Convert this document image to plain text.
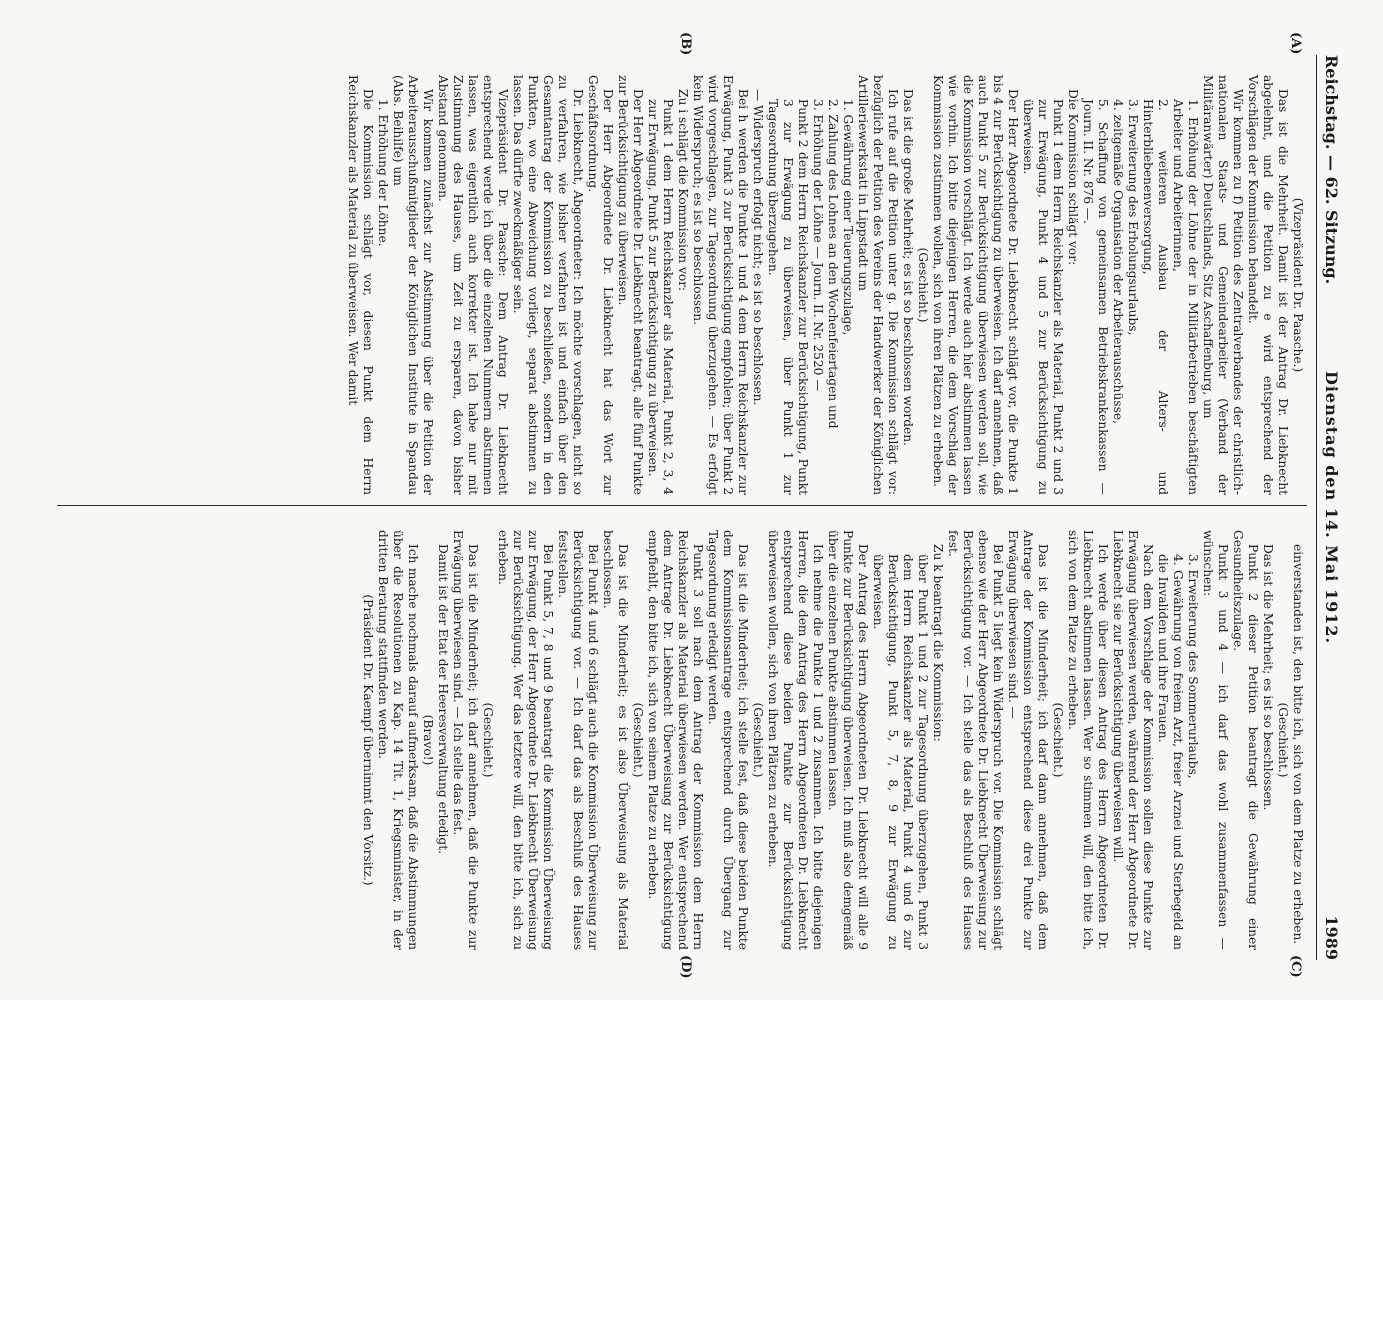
Reichstag. — 62. Sitzung.
Dienstag den 14. Mai 1912.
1989
(A)
(B)
(C)
(D)

(Vizepräsident Dr. Paasche.)

Das ist die Mehrheit. Damit ist der Antrag Dr. Liebknecht abgelehnt, und die Petition zu e wird entsprechend der Vorschlägen der Kommission behandelt.

Wir kommen zu f) Petition des Zentralverbandes der christlich-nationalen Staats- und Gemeindearbeiter (Verband der Militäranwärter) Deutschlands, Sitz Aschaffenburg, um

1. Erhöhung der Löhne der in Militärbetrieben beschäftigten Arbeiter und Arbeiterinnen,

2. weiteren Ausbau der Alters- und Hinterbliebenenversorgung,

3. Erweiterung des Erholungsurlaubs,

4. zeitgemäße Organisation der Arbeiterausschüsse,

5. Schaffung von gemeinsamen Betriebskrankenkassen — Journ. II. Nr. 876 —.

Die Kommission schlägt vor:

Punkt 1 dem Herrn Reichskanzler als Material, Punkt 2 und 3 zur Erwägung, Punkt 4 und 5 zur Berücksichtigung zu überweisen.

Der Herr Abgeordnete Dr. Liebknecht schlägt vor, die Punkte 1 bis 4 zur Berücksichtigung zu überweisen. Ich darf annehmen, daß auch Punkt 5 zur Berücksichtigung überwiesen werden soll, wie die Kommission vorschlägt. Ich werde auch hier abstimmen lassen wie vorhin. Ich bitte diejenigen Herren, die dem Vorschlag der Kommission zustimmen wollen, sich von ihren Plätzen zu erheben.

(Geschieht.)

Das ist die große Mehrheit; es ist so beschlossen worden.

Ich rufe auf die Petition unter g. Die Kommission schlägt vor: bezüglich der Petition des Vereins der Handwerker der Königlichen Artilleriewerkstatt in Lippstadt um

1. Gewährung einer Teuerungszulage,

2. Zahlung des Lohnes an den Wochenfeiertagen und

3. Erhöhung der Löhne — Journ. II. Nr. 2520 —

Punkt 2 dem Herrn Reichskanzler zur Berücksichtigung, Punkt 3 zur Erwägung zu überweisen, über Punkt 1 zur Tagesordnung überzugehen.

— Widerspruch erfolgt nicht; es ist so beschlossen.

Bei h werden die Punkte 1 und 4 dem Herrn Reichskanzler zur Erwägung, Punkt 3 zur Berücksichtigung empfohlen; über Punkt 2 wird vorgeschlagen, zur Tagesordnung überzugehen. — Es erfolgt kein Widerspruch; es ist so beschlossen.

Zu i schlägt die Kommission vor:

Punkt 1 dem Herrn Reichskanzler als Material, Punkt 2, 3, 4 zur Erwägung, Punkt 5 zur Berücksichtigung zu überweisen.

Der Herr Abgeordnete Dr. Liebknecht beantragt, alle fünf Punkte zur Berücksichtigung zu überweisen.

Der Herr Abgeordnete Dr. Liebknecht hat das Wort zur Geschäftsordnung.

Dr. Liebknecht, Abgeordneter: Ich möchte vorschlagen, nicht so zu verfahren, wie bisher verfahren ist und einfach über den Gesamtantrag der Kommission zu beschließen, sondern in den Punkten, wo eine Abweichung vorliegt, separat abstimmen zu lassen. Das dürfte zweckmäßiger sein.

Vizepräsident Dr. Paasche: Dem Antrag Dr. Liebknecht entsprechend werde ich über die einzelnen Nummern abstimmen lassen, was eigentlich auch korrekter ist. Ich habe nur mit Zustimmung des Hauses, um Zeit zu ersparen, davon bisher Abstand genommen.

Wir kommen zunächst zur Abstimmung über die Petition der Arbeiterausschußmitglieder der Königlichen Institute in Spandau (Abs. Beihilfe) um

1. Erhöhung der Löhne.

Die Kommission schlägt vor, diesen Punkt dem Herrn Reichskanzler als Material zu überweisen. Wer damit

einverstanden ist, den bitte ich, sich von dem Platze zu erheben.

(Geschieht.)

Das ist die Mehrheit; es ist so beschlossen.

Punkt 2 dieser Petition beantragt die Gewährung einer Gesundheitszulage.

Punkt 3 und 4 — ich darf das wohl zusammenfassen — wünschen:

3. Erweiterung des Sommerurlaubs,

4. Gewährung von freiem Arzt, freier Arznei und Sterbegeld an die Invaliden und ihre Frauen.

Nach dem Vorschlage der Kommission sollen diese Punkte zur Erwägung überwiesen werden, während der Herr Abgeordnete Dr. Liebknecht sie zur Berücksichtigung überweisen will.

Ich werde über diesen Antrag des Herrn Abgeordneten Dr. Liebknecht abstimmen lassen. Wer so stimmen will, den bitte ich, sich von dem Platze zu erheben.

(Geschieht.)

Das ist die Minderheit; ich darf dann annehmen, daß dem Antrage der Kommission entsprechend diese drei Punkte zur Erwägung überwiesen sind. —

Bei Punkt 5 liegt kein Widerspruch vor. Die Kommission schlägt ebenso wie der Herr Abgeordnete Dr. Liebknecht Überweisung zur Berücksichtigung vor. — Ich stelle das als Beschluß des Hauses fest.

Zu k beantragt die Kommission:

über Punkt 1 und 2 zur Tagesordnung überzugehen, Punkt 3 dem Herrn Reichskanzler als Material, Punkt 4 und 6 zur Berücksichtigung, Punkt 5, 7, 8, 9 zur Erwägung zu überweisen.

Der Antrag des Herrn Abgeordneten Dr. Liebknecht will alle 9 Punkte zur Berücksichtigung überweisen. Ich muß also demgemäß über die einzelnen Punkte abstimmen lassen.

Ich nehme die Punkte 1 und 2 zusammen. Ich bitte diejenigen Herren, die dem Antrag des Herrn Abgeordneten Dr. Liebknecht entsprechend diese beiden Punkte zur Berücksichtigung überweisen wollen, sich von ihren Plätzen zu erheben.

(Geschieht.)

Das ist die Minderheit; ich stelle fest, daß diese beiden Punkte dem Kommissionsantrage entsprechend durch Übergang zur Tagesordnung erledigt werden.

Punkt 3 soll nach dem Antrag der Kommission dem Herrn Reichskanzler als Material überwiesen werden. Wer entsprechend dem Antrage Dr. Liebknecht Überweisung zur Berücksichtigung empfiehlt, den bitte ich, sich von seinem Platze zu erheben.

(Geschieht.)

Das ist die Minderheit; es ist also Überweisung als Material beschlossen.

Bei Punkt 4 und 6 schlägt auch die Kommission Überweisung zur Berücksichtigung vor. — Ich darf das als Beschluß des Hauses feststellen.

Bei Punkt 5, 7, 8 und 9 beantragt die Kommission Überweisung zur Erwägung, der Herr Abgeordnete Dr. Liebknecht Überweisung zur Berücksichtigung. Wer das letztere will, den bitte ich, sich zu erheben.

(Geschieht.)

Das ist die Minderheit; ich darf annehmen, daß die Punkte zur Erwägung überwiesen sind. — Ich stelle das fest.

Damit ist der Etat der Heeresverwaltung erledigt.

(Bravo!)

Ich mache nochmals darauf aufmerksam, daß die Abstimmungen über die Resolutionen zu Kap. 14 Tit. 1, Kriegsminister, in der dritten Beratung stattfinden werden.

(Präsident Dr. Kaempf übernimmt den Vorsitz.)
